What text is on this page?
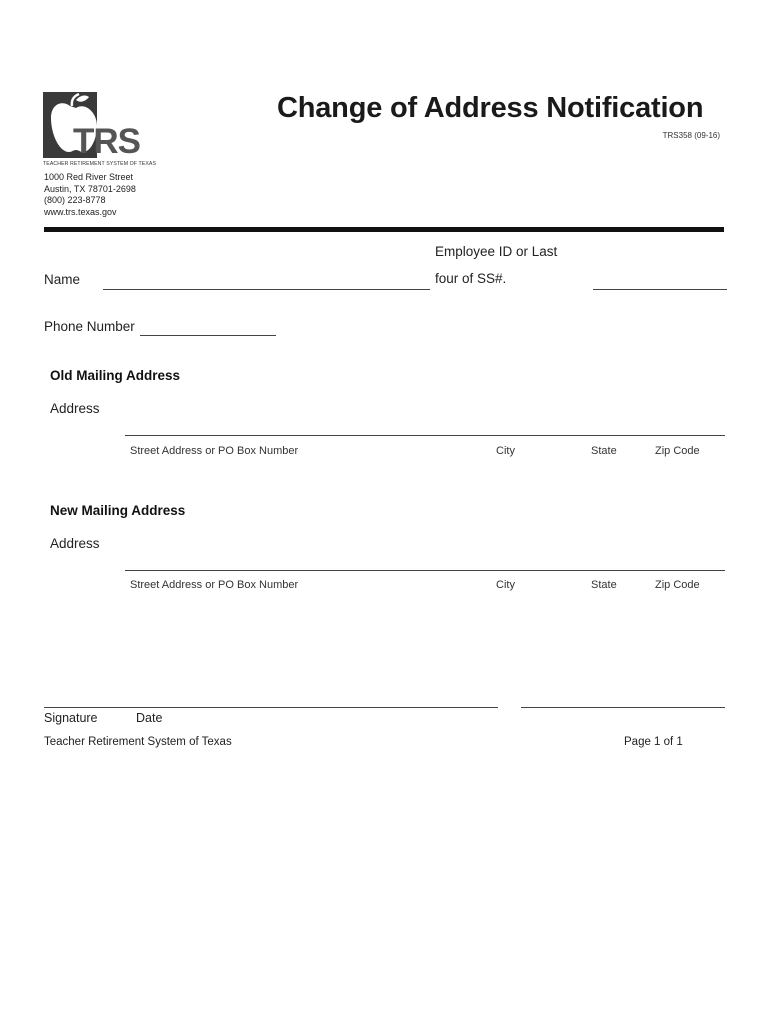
TRS
TEACHER RETIREMENT SYSTEM OF TEXAS
Change of Address Notification
TRS358 (09-16)
1000 Red River Street
Austin, TX 78701-2698
(800) 223-8778
www.trs.texas.gov
Name
Employee ID or Last
four of SS#.
Phone Number
Old Mailing Address
Address
Street Address or PO Box Number	City	State	Zip Code
New Mailing Address
Address
Street Address or PO Box Number	City	State	Zip Code
Signature	Date
Teacher Retirement System of Texas	Page 1 of 1
